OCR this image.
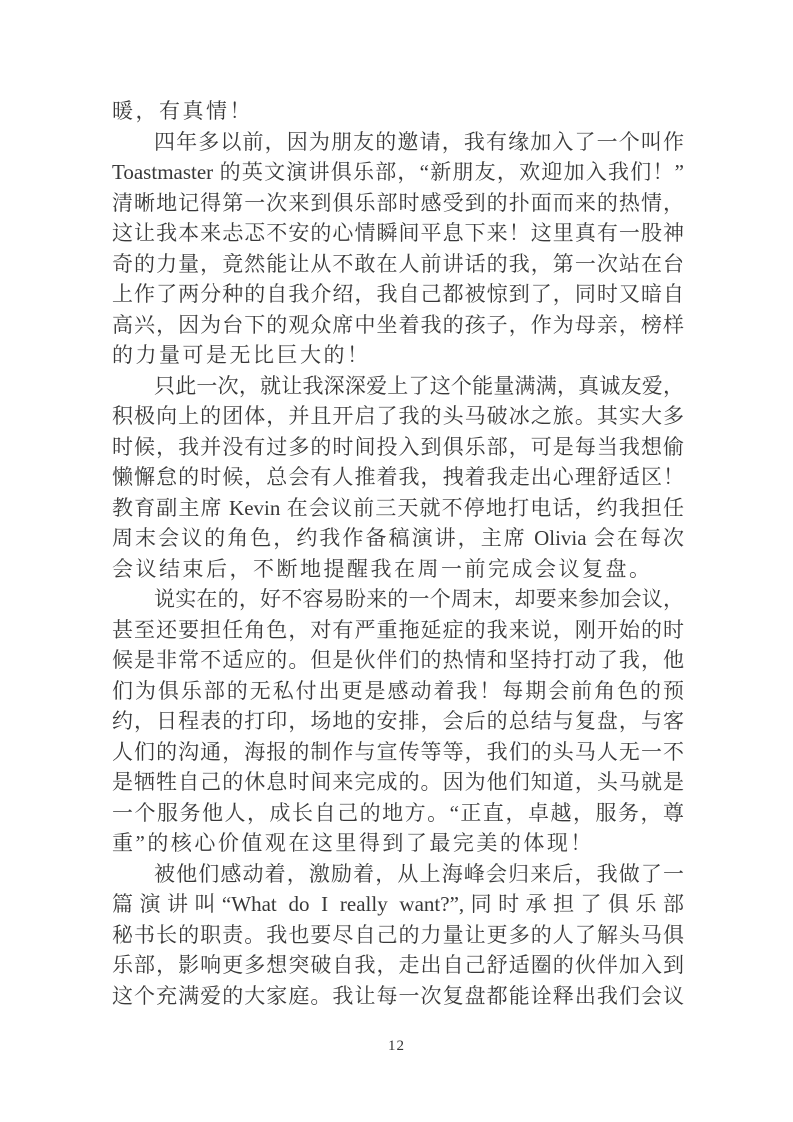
暖，有真情！
四年多以前，因为朋友的邀请，我有缘加入了一个叫作
Toastmaster 的英文演讲俱乐部，“新朋友，欢迎加入我们！”
清晰地记得第一次来到俱乐部时感受到的扑面而来的热情，
这让我本来忐忑不安的心情瞬间平息下来！这里真有一股神
奇的力量，竟然能让从不敢在人前讲话的我，第一次站在台
上作了两分种的自我介绍，我自己都被惊到了，同时又暗自
高兴，因为台下的观众席中坐着我的孩子，作为母亲，榜样
的力量可是无比巨大的！
只此一次，就让我深深爱上了这个能量满满，真诚友爱，
积极向上的团体，并且开启了我的头马破冰之旅。其实大多
时候，我并没有过多的时间投入到俱乐部，可是每当我想偷
懒懈怠的时候，总会有人推着我，拽着我走出心理舒适区！
教育副主席 Kevin 在会议前三天就不停地打电话，约我担任
周末会议的角色，约我作备稿演讲，主席 Olivia 会在每次
会议结束后，不断地提醒我在周一前完成会议复盘。
说实在的，好不容易盼来的一个周末，却要来参加会议，
甚至还要担任角色，对有严重拖延症的我来说，刚开始的时
候是非常不适应的。但是伙伴们的热情和坚持打动了我，他
们为俱乐部的无私付出更是感动着我！每期会前角色的预
约，日程表的打印，场地的安排，会后的总结与复盘，与客
人们的沟通，海报的制作与宣传等等，我们的头马人无一不
是牺牲自己的休息时间来完成的。因为他们知道，头马就是
一个服务他人，成长自己的地方。“正直，卓越，服务，尊
重”的核心价值观在这里得到了最完美的体现！
被他们感动着，激励着，从上海峰会归来后，我做了一
篇演讲叫“What do I really want?”,同时承担了俱乐部
秘书长的职责。我也要尽自己的力量让更多的人了解头马俱
乐部，影响更多想突破自我，走出自己舒适圈的伙伴加入到
这个充满爱的大家庭。我让每一次复盘都能诠释出我们会议
12
